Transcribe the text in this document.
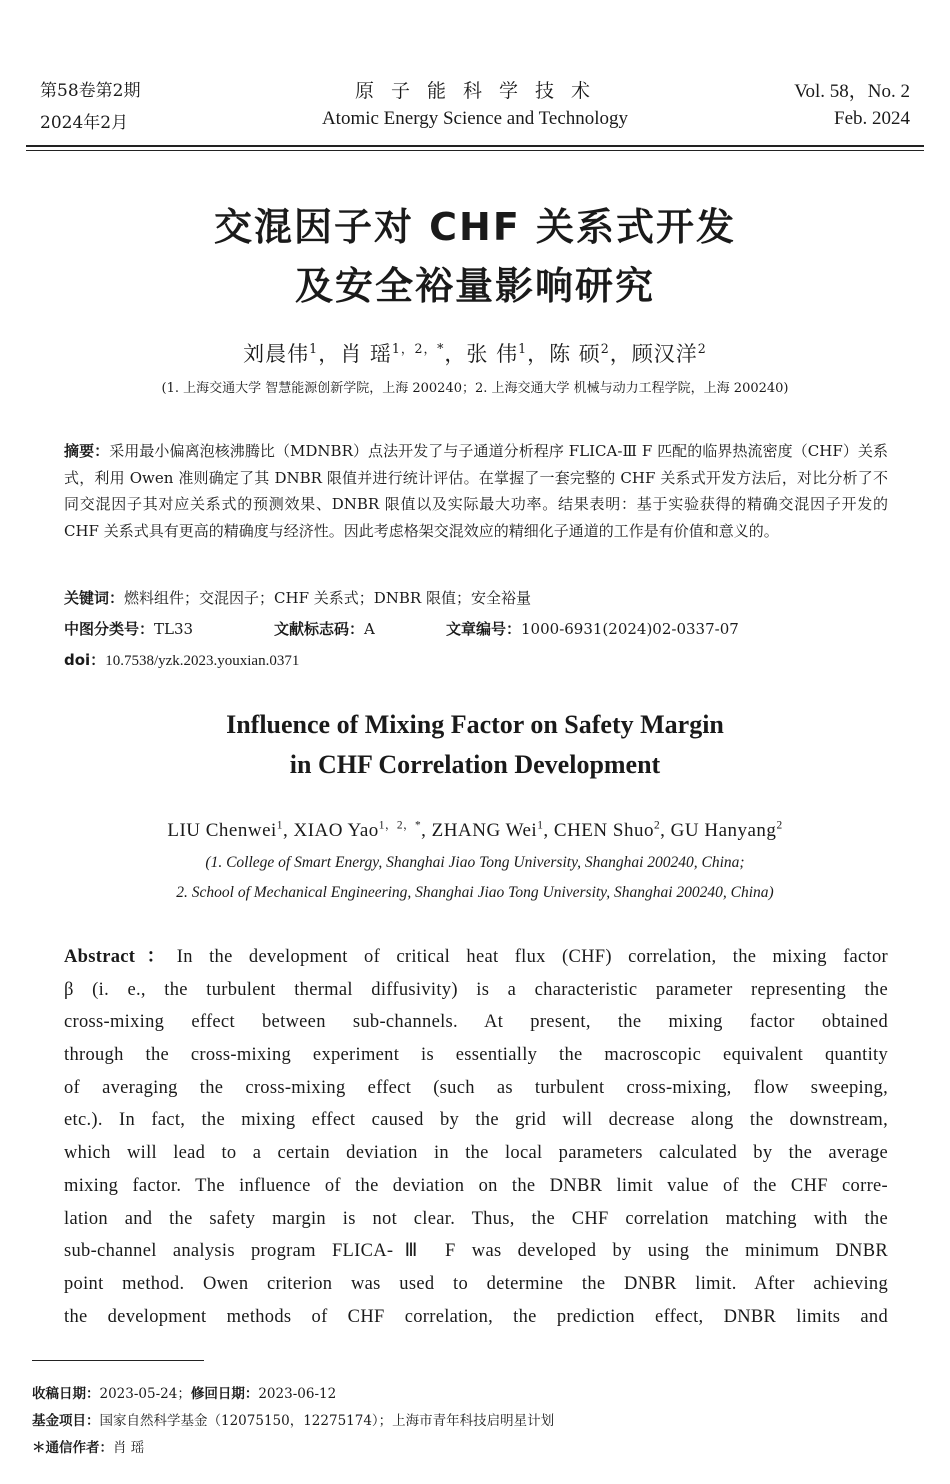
第58卷第2期
2024年2月
原子能科学技术
Atomic Energy Science and Technology
Vol. 58，No. 2
Feb. 2024
交混因子对 CHF 关系式开发
及安全裕量影响研究
刘晨伟$^1$，肖 瑶$^{1,2,*}$，张 伟$^1$，陈 硕$^2$，顾汉洋$^2$
(1. 上海交通大学 智慧能源创新学院，上海 200240；2. 上海交通大学 机械与动力工程学院，上海 200240)
摘要：采用最小偏离泡核沸腾比（MDNBR）点法开发了与子通道分析程序 FLICA-Ⅲ F 匹配的临界热流密度（CHF）关系式，利用 Owen 准则确定了其 DNBR 限值并进行统计评估。在掌握了一套完整的 CHF 关系式开发方法后，对比分析了不同交混因子其对应关系式的预测效果、DNBR 限值以及实际最大功率。结果表明：基于实验获得的精确交混因子开发的 CHF 关系式具有更高的精确度与经济性。因此考虑格架交混效应的精细化子通道的工作是有价值和意义的。
关键词：燃料组件；交混因子；CHF 关系式；DNBR 限值；安全裕量
中图分类号：TL33	文献标志码：A	文章编号：1000-6931(2024)02-0337-07
doi：10.7538/yzk.2023.youxian.0371
Influence of Mixing Factor on Safety Margin
in CHF Correlation Development
LIU Chenwei$^1$, XIAO Yao$^{1,2,*}$, ZHANG Wei$^1$, CHEN Shuo$^2$, GU Hanyang$^2$
(1. College of Smart Energy, Shanghai Jiao Tong University, Shanghai 200240, China;
2. School of Mechanical Engineering, Shanghai Jiao Tong University, Shanghai 200240, China)
Abstract：In the development of critical heat flux (CHF) correlation, the mixing factor
β (i. e., the turbulent thermal diffusivity) is a characteristic parameter representing the
cross-mixing effect between sub-channels. At present, the mixing factor obtained
through the cross-mixing experiment is essentially the macroscopic equivalent quantity
of averaging the cross-mixing effect (such as turbulent cross-mixing, flow sweeping,
etc.). In fact, the mixing effect caused by the grid will decrease along the downstream,
which will lead to a certain deviation in the local parameters calculated by the average
mixing factor. The influence of the deviation on the DNBR limit value of the CHF corre-
lation and the safety margin is not clear. Thus, the CHF correlation matching with the
sub-channel analysis program FLICA-Ⅲ F was developed by using the minimum DNBR
point method. Owen criterion was used to determine the DNBR limit. After achieving
the development methods of CHF correlation, the prediction effect, DNBR limits and
收稿日期：2023-05-24；修回日期：2023-06-12
基金项目：国家自然科学基金（12075150，12275174）；上海市青年科技启明星计划
＊通信作者：肖 瑶
